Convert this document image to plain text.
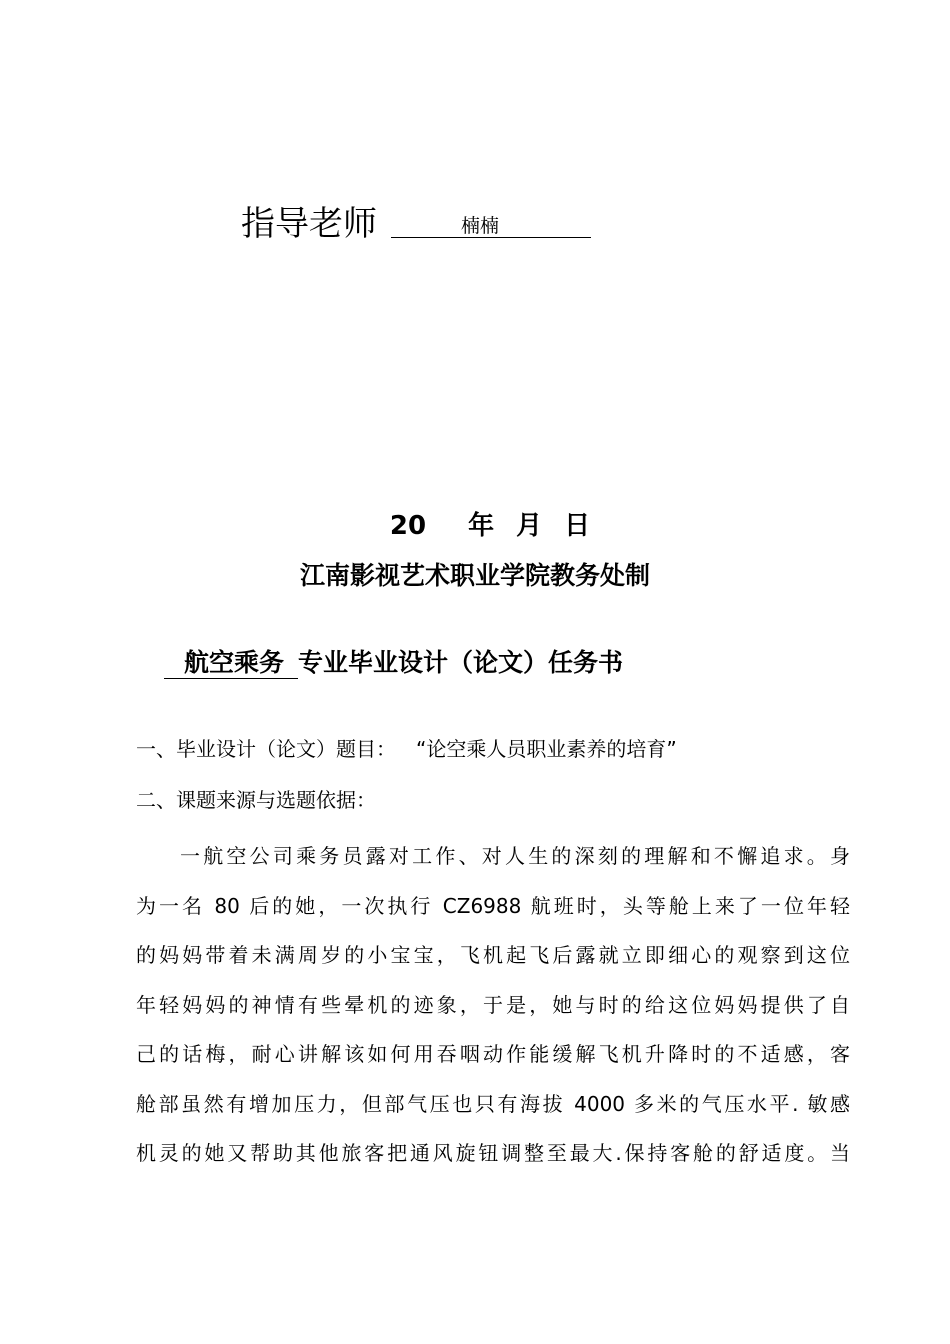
指导老师	楠楠
20 年 月 日
江南影视艺术职业学院教务处制
航空乘务 专业毕业设计（论文）任务书
一、毕业设计（论文）题目： “论空乘人员职业素养的培育”
二、课题来源与选题依据：
一航空公司乘务员露对工作、对人生的深刻的理解和不懈追求。身
为一名 80 后的她，一次执行 CZ6988 航班时，头等舱上来了一位年轻
的妈妈带着未满周岁的小宝宝，飞机起飞后露就立即细心的观察到这位
年轻妈妈的神情有些晕机的迹象，于是，她与时的给这位妈妈提供了自
己的话梅，耐心讲解该如何用吞咽动作能缓解飞机升降时的不适感，客
舱部虽然有增加压力，但部气压也只有海拔 4000 多米的气压水平. 敏感
机灵的她又帮助其他旅客把通风旋钮调整至最大.保持客舱的舒适度。当
